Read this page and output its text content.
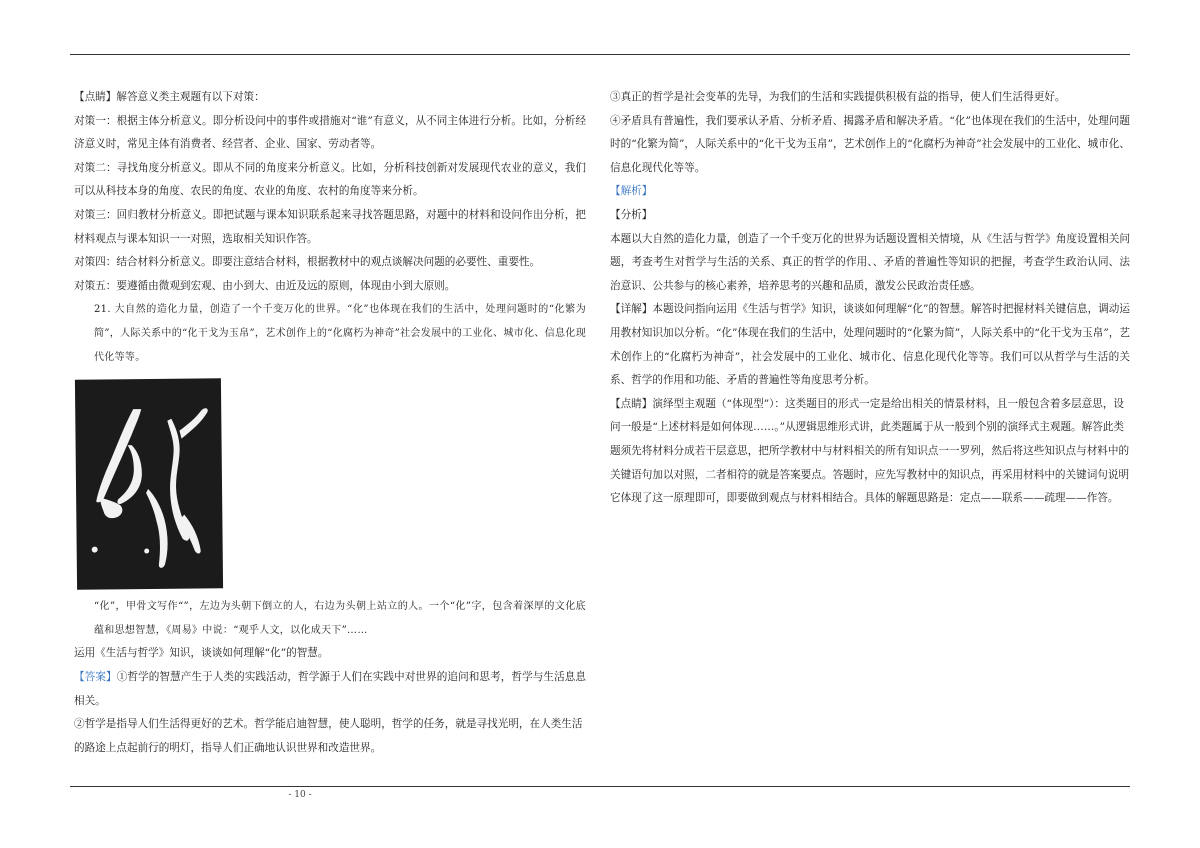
【点睛】解答意义类主观题有以下对策：

对策一：根据主体分析意义。即分析设问中的事件或措施对“谁”有意义，从不同主体进行分析。比如，分析经济意义时，常见主体有消费者、经营者、企业、国家、劳动者等。

对策二：寻找角度分析意义。即从不同的角度来分析意义。比如，分析科技创新对发展现代农业的意义，我们可以从科技本身的角度、农民的角度、农业的角度、农村的角度等来分析。

对策三：回归教材分析意义。即把试题与课本知识联系起来寻找答题思路，对题中的材料和设问作出分析，把材料观点与课本知识一一对照，选取相关知识作答。

对策四：结合材料分析意义。即要注意结合材料，根据教材中的观点谈解决问题的必要性、重要性。

对策五：要遵循由微观到宏观、由小到大、由近及远的原则，体现由小到大原则。

21. 大自然的造化力量，创造了一个千变万化的世界。“化”也体现在我们的生活中，处理问题时的“化繁为简”，人际关系中的“化干戈为玉帛”，艺术创作上的“化腐朽为神奇”社会发展中的工业化、城市化、信息化现代化等等。

“化”，甲骨文写作“”，左边为头朝下倒立的人，右边为头朝上站立的人。一个“化”字，包含着深厚的文化底蕴和思想智慧，《周易》中说：“观乎人文，以化成天下”……

运用《生活与哲学》知识，谈谈如何理解“化”的智慧。

【答案】①哲学的智慧产生于人类的实践活动，哲学源于人们在实践中对世界的追问和思考，哲学与生活息息相关。

②哲学是指导人们生活得更好的艺术。哲学能启迪智慧，使人聪明，哲学的任务，就是寻找光明，在人类生活的路途上点起前行的明灯，指导人们正确地认识世界和改造世界。

③真正的哲学是社会变革的先导，为我们的生活和实践提供积极有益的指导，使人们生活得更好。

④矛盾具有普遍性，我们要承认矛盾、分析矛盾、揭露矛盾和解决矛盾。“化”也体现在我们的生活中，处理问题时的“化繁为简”，人际关系中的“化干戈为玉帛”，艺术创作上的“化腐朽为神奇”社会发展中的工业化、城市化、信息化现代化等等。

【解析】

【分析】

本题以大自然的造化力量，创造了一个千变万化的世界为话题设置相关情境，从《生活与哲学》角度设置相关问题，考查考生对哲学与生活的关系、真正的哲学的作用、、矛盾的普遍性等知识的把握，考查学生政治认同、法治意识、公共参与的核心素养，培养思考的兴趣和品质，激发公民政治责任感。

【详解】本题设问指向运用《生活与哲学》知识，谈谈如何理解“化”的智慧。解答时把握材料关键信息，调动运用教材知识加以分析。“化”体现在我们的生活中，处理问题时的“化繁为简”，人际关系中的“化干戈为玉帛”，艺术创作上的“化腐朽为神奇”，社会发展中的工业化、城市化、信息化现代化等等。我们可以从哲学与生活的关系、哲学的作用和功能、矛盾的普遍性等角度思考分析。

【点睛】演绎型主观题（“体现型”）：这类题目的形式一定是给出相关的情景材料，且一般包含着多层意思，设问一般是“上述材料是如何体现……。”从逻辑思维形式讲，此类题属于从一般到个别的演绎式主观题。解答此类题须先将材料分成若干层意思，把所学教材中与材料相关的所有知识点一一罗列，然后将这些知识点与材料中的关键语句加以对照，二者相符的就是答案要点。答题时，应先写教材中的知识点，再采用材料中的关键词句说明它体现了这一原理即可，即要做到观点与材料相结合。具体的解题思路是：定点——联系——疏理——作答。

- 10 -
